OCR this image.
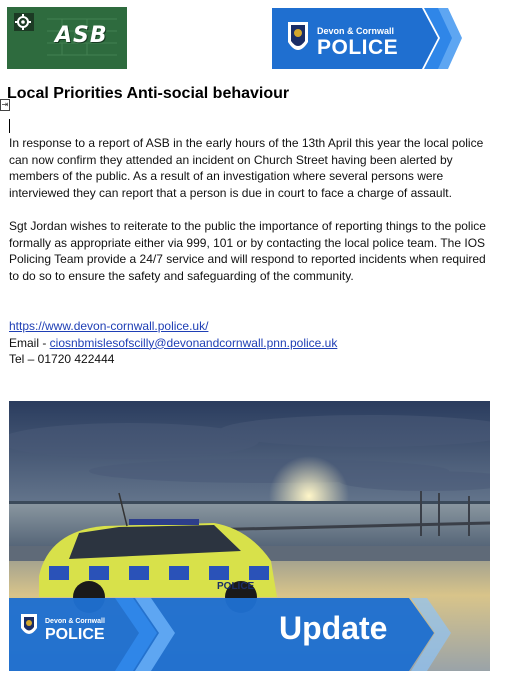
ASB	Devon & Cornwall
POLICE
⇥
Local Priorities Anti-social behaviour

In response to a report of ASB in the early hours of the 13th April this year the local police can now confirm they attended an incident on Church Street having been alerted by members of the public. As a result of an investigation where several persons were interviewed they can report that a person is due in court to face a charge of assault.

Sgt Jordan wishes to reiterate to the public the importance of reporting things to the police formally as appropriate either via 999, 101 or by contacting the local police team. The IOS Policing Team provide a 24/7 service and will respond to reported incidents when required to do so to ensure the safety and safeguarding of the community.

https://www.devon-cornwall.police.uk/
Email - ciosnbmislesofscilly@devonandcornwall.pnn.police.uk
Tel – 01720 422444
POLICE
Devon & Cornwall
POLICE	Update
